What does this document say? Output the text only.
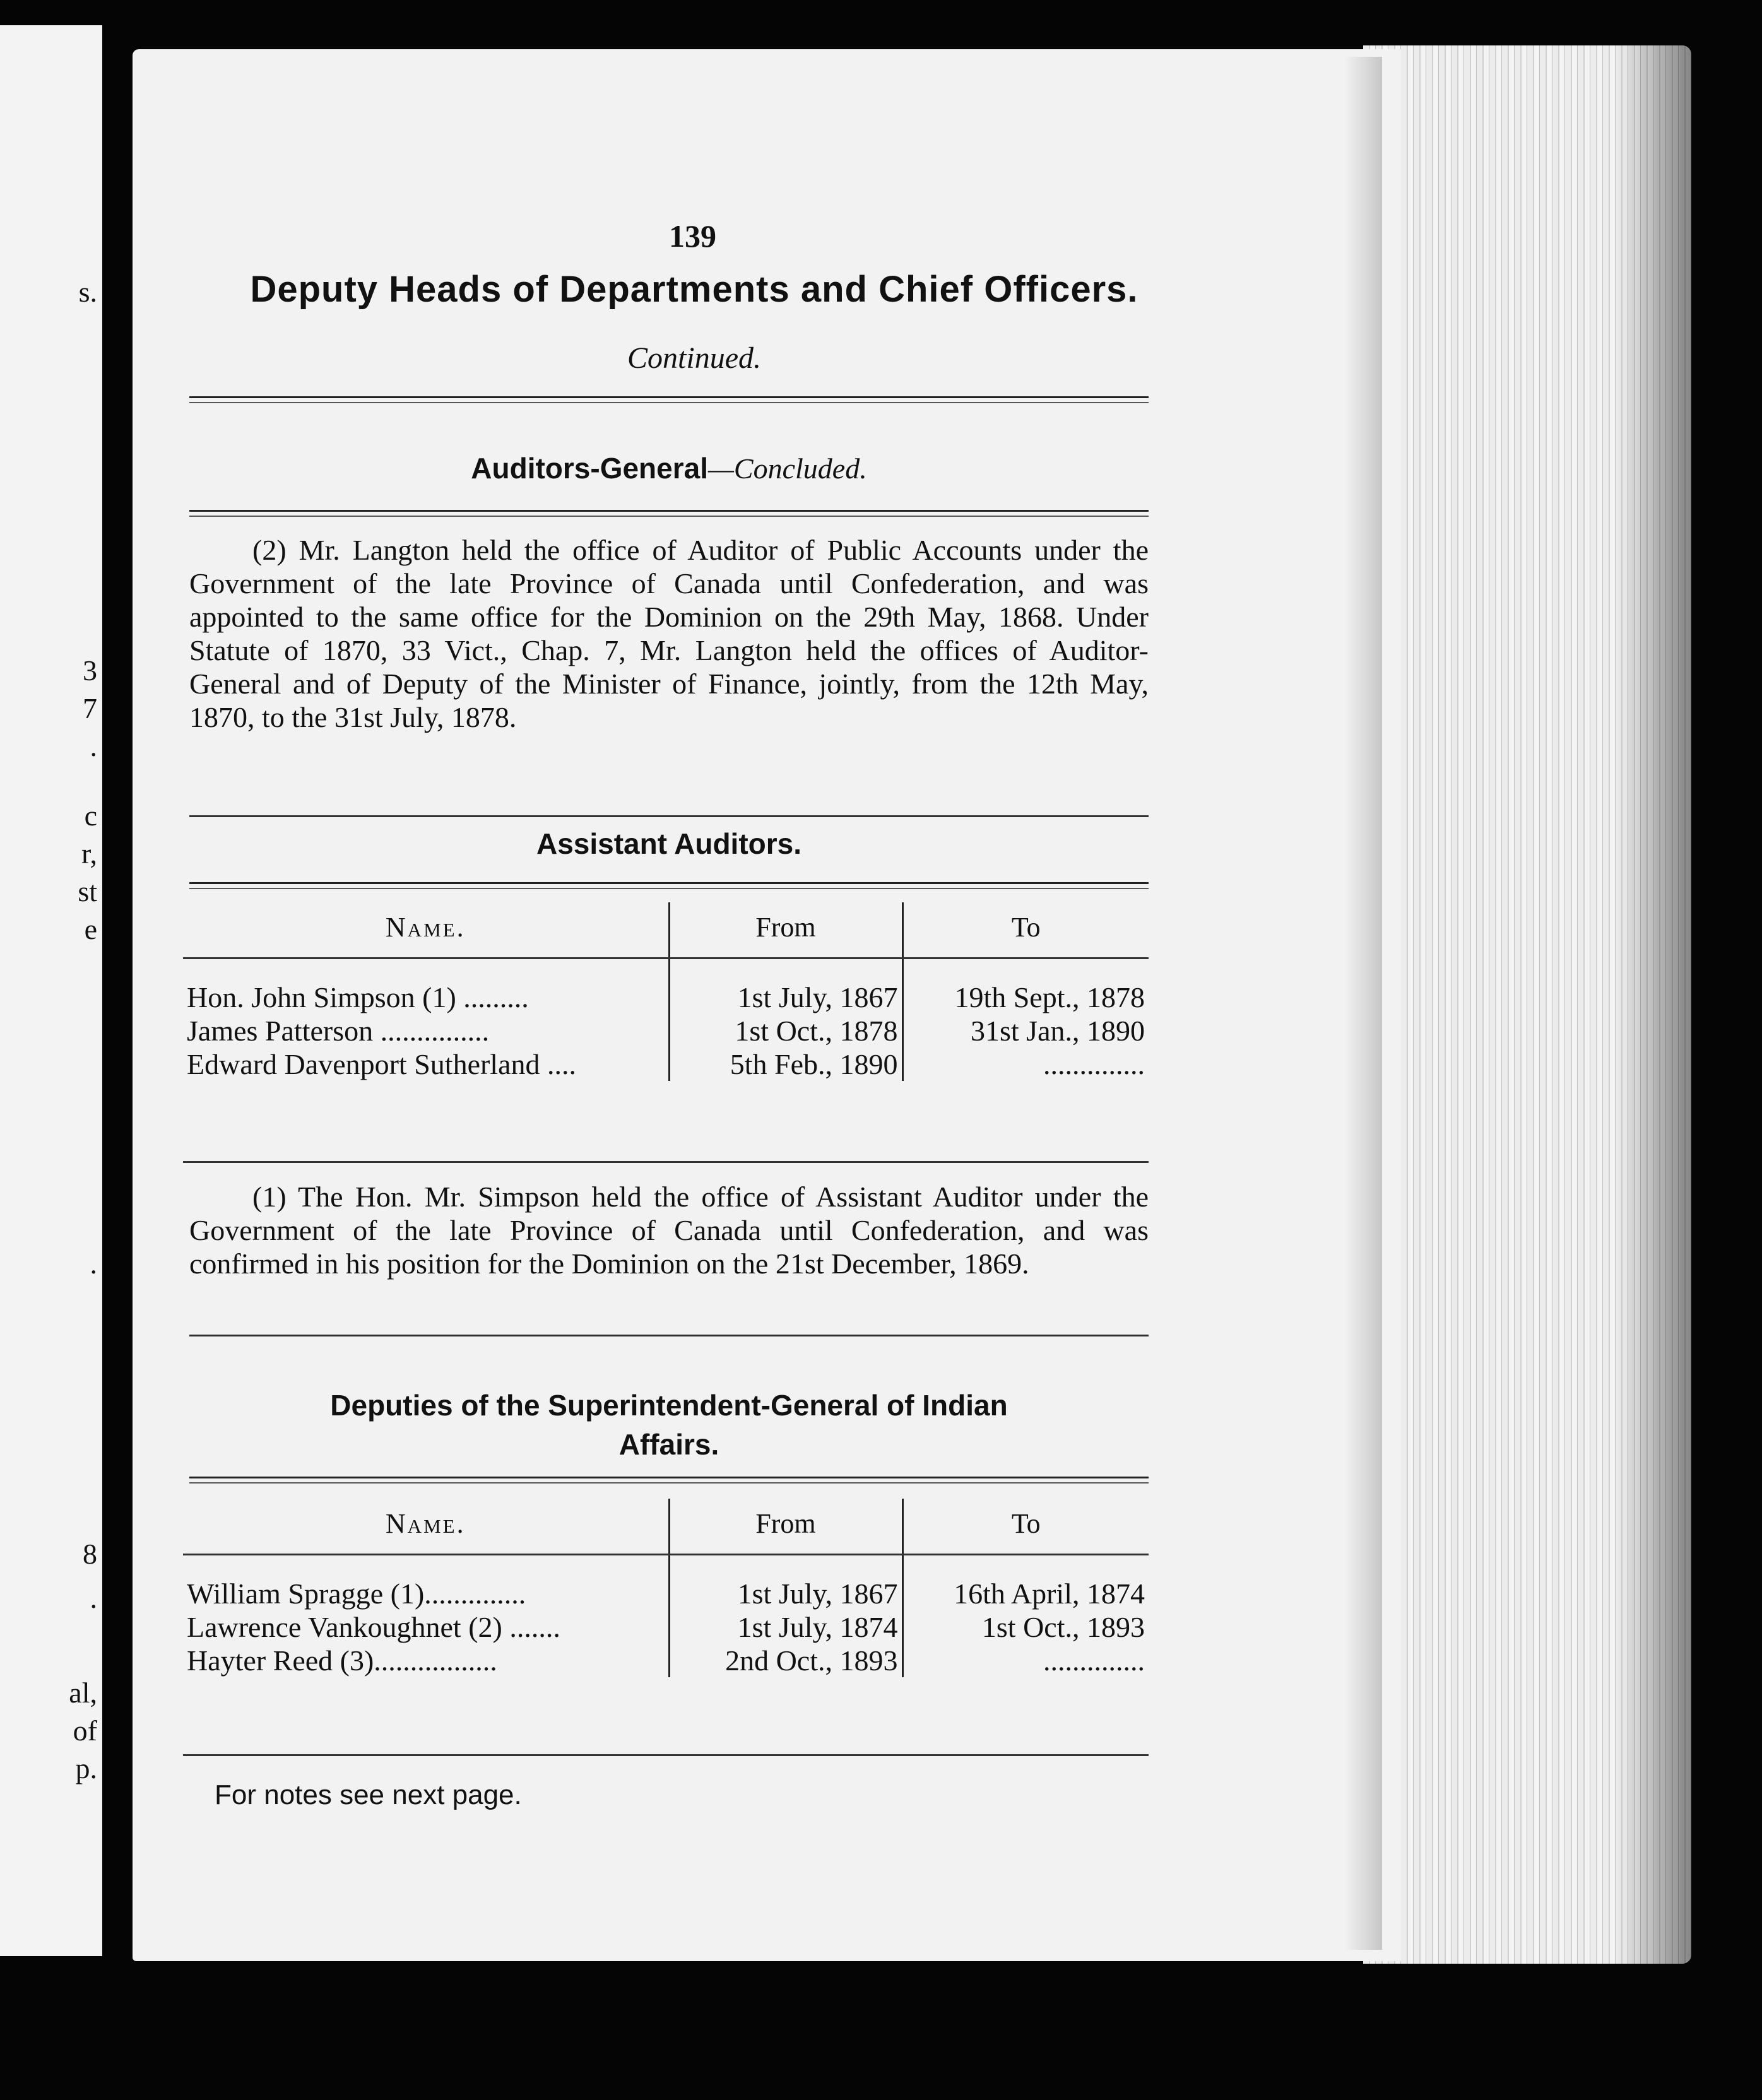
s.
3
7
.
c
r,
st
e
.
8
.
al,
of
p.
139
Deputy Heads of Departments and Chief Officers.
Continued.
Auditors-General—Concluded.

(2) Mr. Langton held the office of Auditor of Public Accounts under the Government of the late Province of Canada until Confederation, and was appointed to the same office for the Dominion on the 29th May, 1868. Under Statute of 1870, 33 Vict., Chap. 7, Mr. Langton held the offices of Auditor-General and of Deputy of the Minister of Finance, jointly, from the 12th May, 1870, to the 31st July, 1878.

Assistant Auditors.
Name.	From	To

Hon. John Simpson (1) .........	1st July, 1867	19th Sept., 1878
James Patterson ...............	1st Oct., 1878	31st Jan., 1890
Edward Davenport Sutherland ....	5th Feb., 1890	..............

(1) The Hon. Mr. Simpson held the office of Assistant Auditor under the Government of the late Province of Canada until Confederation, and was confirmed in his position for the Dominion on the 21st December, 1869.

Deputies of the Superintendent-General of Indian
Affairs.
Name.	From	To

William Spragge (1)..............	1st July, 1867	16th April, 1874
Lawrence Vankoughnet (2) .......	1st July, 1874	1st Oct., 1893
Hayter Reed (3).................	2nd Oct., 1893	..............
For notes see next page.
